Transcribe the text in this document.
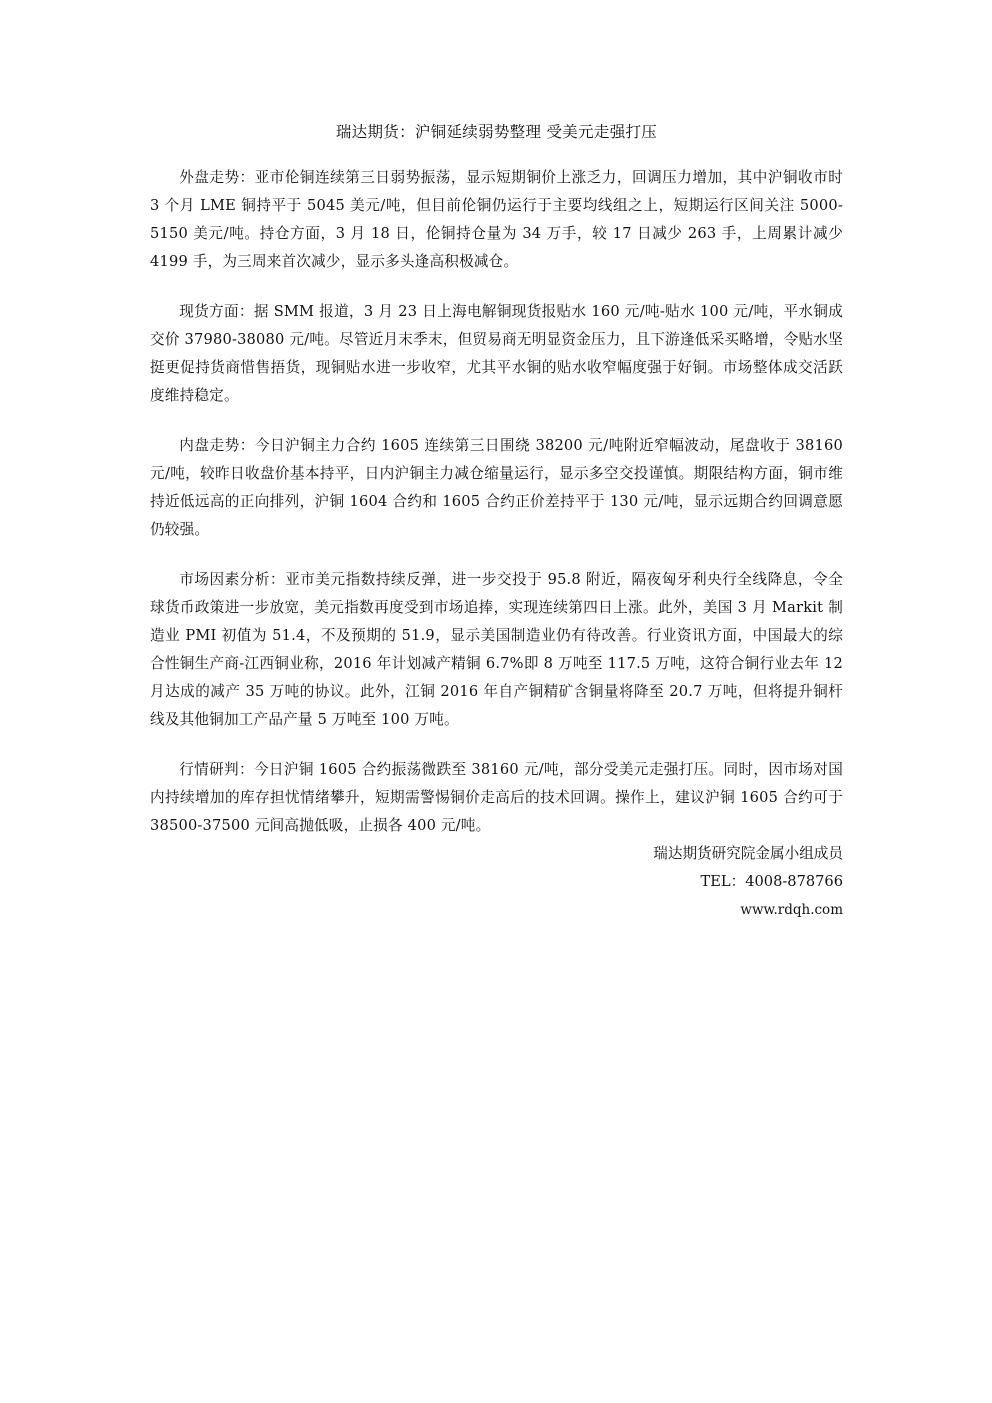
瑞达期货：沪铜延续弱势整理 受美元走强打压

外盘走势：亚市伦铜连续第三日弱势振荡，显示短期铜价上涨乏力，回调压力增加，其中沪铜收市时 3 个月 LME 铜持平于 5045 美元/吨，但目前伦铜仍运行于主要均线组之上，短期运行区间关注 5000-5150 美元/吨。持仓方面，3 月 18 日，伦铜持仓量为 34 万手，较 17 日减少 263 手，上周累计减少 4199 手，为三周来首次减少，显示多头逢高积极减仓。

现货方面：据 SMM 报道，3 月 23 日上海电解铜现货报贴水 160 元/吨-贴水 100 元/吨，平水铜成交价 37980-38080 元/吨。尽管近月末季末，但贸易商无明显资金压力，且下游逢低采买略增，令贴水坚挺更促持货商惜售捂货，现铜贴水进一步收窄，尤其平水铜的贴水收窄幅度强于好铜。市场整体成交活跃度维持稳定。

内盘走势：今日沪铜主力合约 1605 连续第三日围绕 38200 元/吨附近窄幅波动，尾盘收于 38160 元/吨，较昨日收盘价基本持平，日内沪铜主力减仓缩量运行，显示多空交投谨慎。期限结构方面，铜市维持近低远高的正向排列，沪铜 1604 合约和 1605 合约正价差持平于 130 元/吨，显示远期合约回调意愿仍较强。

市场因素分析：亚市美元指数持续反弹，进一步交投于 95.8 附近，隔夜匈牙利央行全线降息，令全球货币政策进一步放宽，美元指数再度受到市场追捧，实现连续第四日上涨。此外，美国 3 月 Markit 制造业 PMI 初值为 51.4，不及预期的 51.9，显示美国制造业仍有待改善。行业资讯方面，中国最大的综合性铜生产商-江西铜业称，2016 年计划减产精铜 6.7%即 8 万吨至 117.5 万吨，这符合铜行业去年 12 月达成的减产 35 万吨的协议。此外，江铜 2016 年自产铜精矿含铜量将降至 20.7 万吨，但将提升铜杆线及其他铜加工产品产量 5 万吨至 100 万吨。

行情研判：今日沪铜 1605 合约振荡微跌至 38160 元/吨，部分受美元走强打压。同时，因市场对国内持续增加的库存担忧情绪攀升，短期需警惕铜价走高后的技术回调。操作上，建议沪铜 1605 合约可于 38500-37500 元间高抛低吸，止损各 400 元/吨。

瑞达期货研究院金属小组成员

TEL：4008-878766

www.rdqh.com
